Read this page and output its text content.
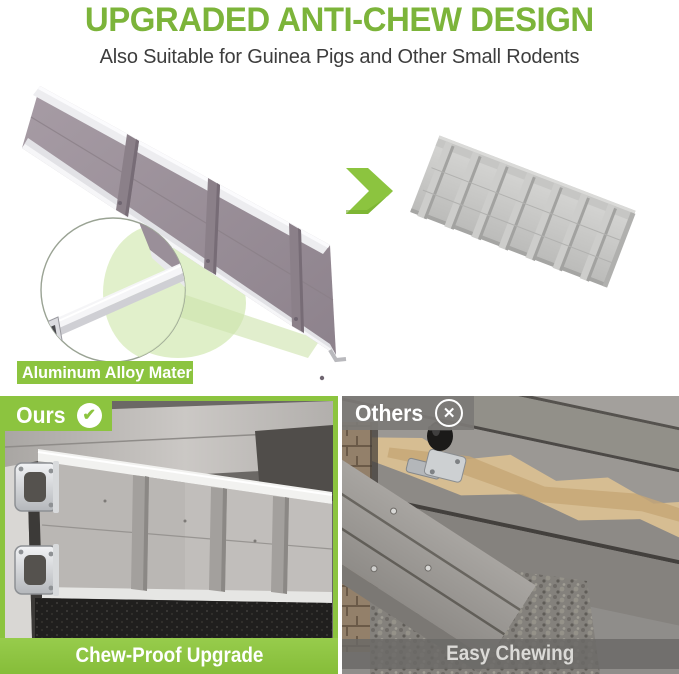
UPGRADED ANTI-CHEW DESIGN
Also Suitable for Guinea Pigs and Other Small Rodents
Aluminum Alloy Material
Ours	✔
Chew-Proof Upgrade
Others	✕
Easy Chewing
